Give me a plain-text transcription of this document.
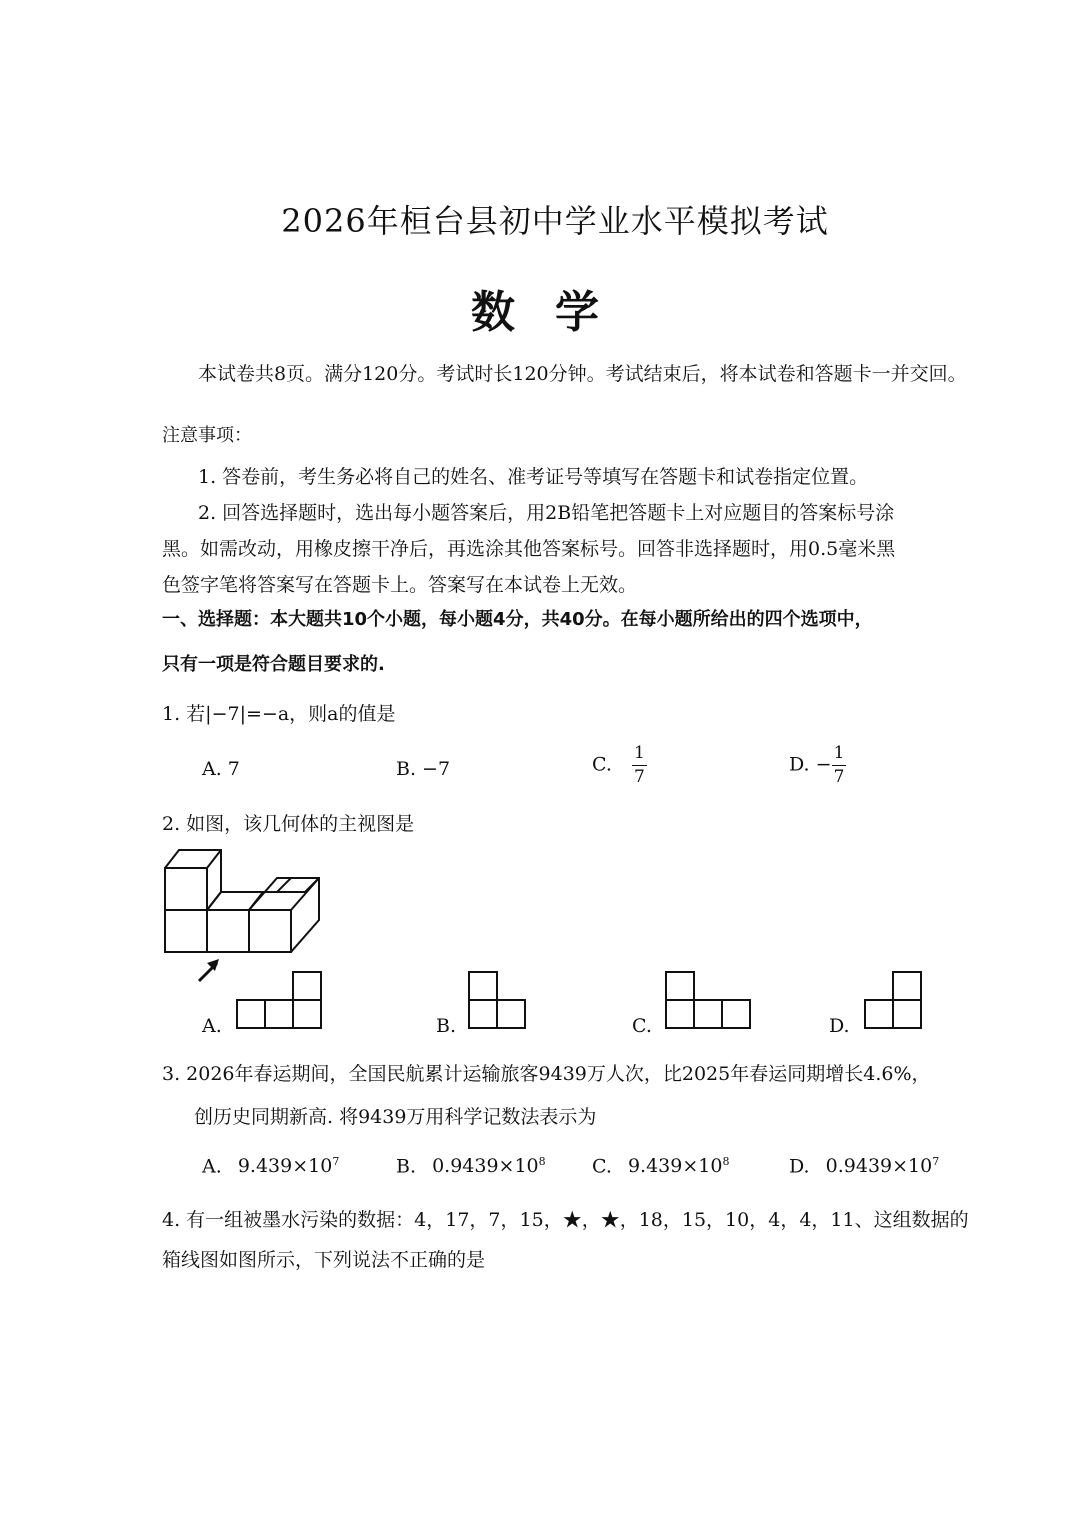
2026年桓台县初中学业水平模拟考试
数学
本试卷共8页。满分120分。考试时长120分钟。考试结束后，将本试卷和答题卡一并交回。
注意事项：
1. 答卷前，考生务必将自己的姓名、准考证号等填写在答题卡和试卷指定位置。
2. 回答选择题时，选出每小题答案后，用2B铅笔把答题卡上对应题目的答案标号涂
黑。如需改动，用橡皮擦干净后，再选涂其他答案标号。回答非选择题时，用0.5毫米黑
色签字笔将答案写在答题卡上。答案写在本试卷上无效。
一、选择题：本大题共10个小题，每小题4分，共40分。在每小题所给出的四个选项中，
只有一项是符合题目要求的.
1. 若|−7|=−a，则a的值是
A. 7	B. −7	C. $\frac{1}{7}$	D. − $\frac{1}{7}$
2. 如图，该几何体的主视图是
A.	B.	C.	D.
3. 2026年春运期间，全国民航累计运输旅客9439万人次，比2025年春运同期增长4.6%，
创历史同期新高. 将9439万用科学记数法表示为
A. $9.439\times 10^7$	B. $0.9439\times 10^8$ C. $9.439\times 10^8$	D. $0.9439\times 10^7$
4. 有一组被墨水污染的数据：4，17，7，15，★，★，18，15，10，4，4，11、这组数据的
箱线图如图所示，下列说法不正确的是
